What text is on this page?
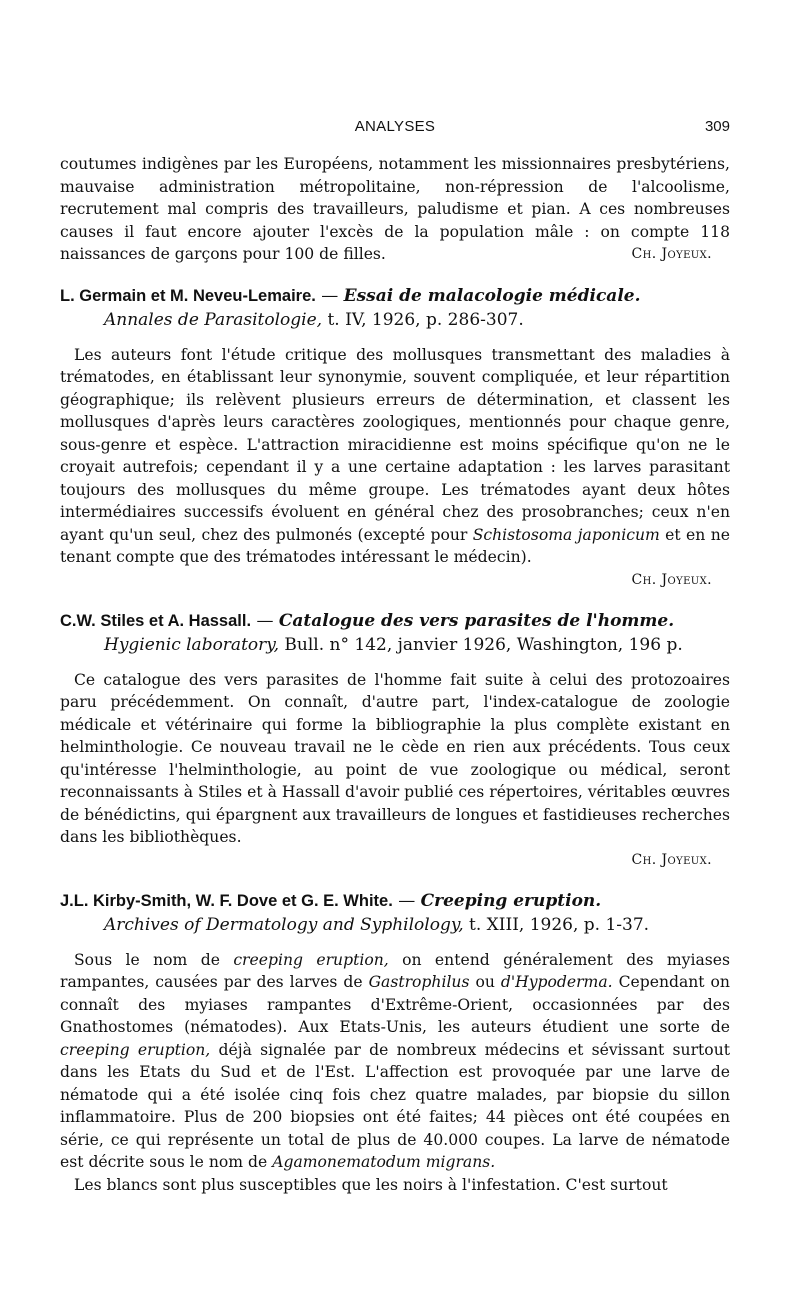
ANALYSES	309

coutumes indigènes par les Européens, notamment les missionnaires presbytériens, mauvaise administration métropolitaine, non-répression de l'alcoolisme, recrutement mal compris des travailleurs, paludisme et pian. A ces nombreuses causes il faut encore ajouter l'excès de la population mâle : on compte 118 naissances de garçons pour 100 de filles.	Ch. Joyeux.

L. Germain et M. Neveu-Lemaire. — Essai de malacologie médicale.
Annales de Parasitologie, t. IV, 1926, p. 286-307.

Les auteurs font l'étude critique des mollusques transmettant des maladies à trématodes, en établissant leur synonymie, souvent compliquée, et leur répartition géographique; ils relèvent plusieurs erreurs de détermination, et classent les mollusques d'après leurs caractères zoologiques, mentionnés pour chaque genre, sous-genre et espèce. L'attraction miracidienne est moins spécifique qu'on ne le croyait autrefois; cependant il y a une certaine adaptation : les larves parasitant toujours des mollusques du même groupe. Les trématodes ayant deux hôtes intermédiaires successifs évoluent en général chez des prosobranches; ceux n'en ayant qu'un seul, chez des pulmonés (excepté pour Schistosoma japonicum et en ne tenant compte que des trématodes intéressant le médecin).

Ch. Joyeux.
C.W. Stiles et A. Hassall. — Catalogue des vers parasites de l'homme.
Hygienic laboratory, Bull. n° 142, janvier 1926, Washington, 196 p.

Ce catalogue des vers parasites de l'homme fait suite à celui des protozoaires paru précédemment. On connaît, d'autre part, l'index-catalogue de zoologie médicale et vétérinaire qui forme la bibliographie la plus complète existant en helminthologie. Ce nouveau travail ne le cède en rien aux précédents. Tous ceux qu'intéresse l'helminthologie, au point de vue zoologique ou médical, seront reconnaissants à Stiles et à Hassall d'avoir publié ces répertoires, véritables œuvres de bénédictins, qui épargnent aux travailleurs de longues et fastidieuses recherches dans les bibliothèques.

Ch. Joyeux.
J.L. Kirby-Smith, W. F. Dove et G. E. White. — Creeping eruption.
Archives of Dermatology and Syphilology, t. XIII, 1926, p. 1-37.

Sous le nom de creeping eruption, on entend généralement des myiases rampantes, causées par des larves de Gastrophilus ou d'Hypoderma. Cependant on connaît des myiases rampantes d'Extrême-Orient, occasionnées par des Gnathostomes (nématodes). Aux Etats-Unis, les auteurs étudient une sorte de creeping eruption, déjà signalée par de nombreux médecins et sévissant surtout dans les Etats du Sud et de l'Est. L'affection est provoquée par une larve de nématode qui a été isolée cinq fois chez quatre malades, par biopsie du sillon inflammatoire. Plus de 200 biopsies ont été faites; 44 pièces ont été coupées en série, ce qui représente un total de plus de 40.000 coupes. La larve de nématode est décrite sous le nom de Agamonematodum migrans.

Les blancs sont plus susceptibles que les noirs à l'infestation. C'est surtout
